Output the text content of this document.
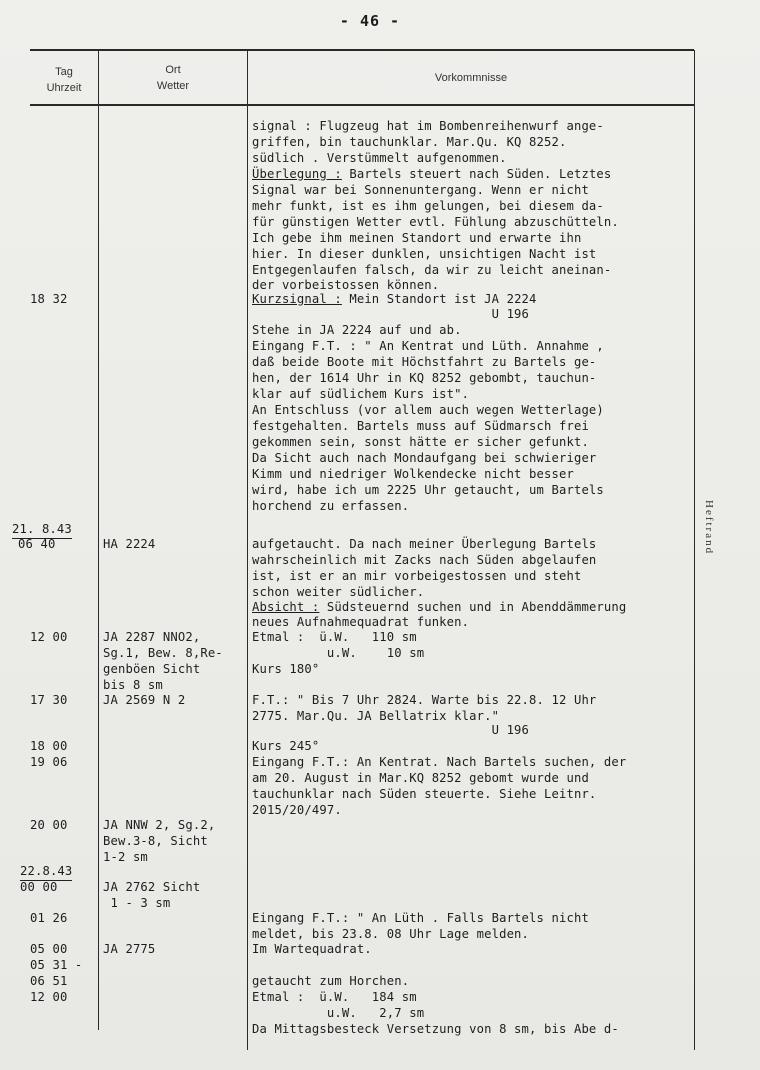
- 46 -
Tag
Uhrzeit
Ort
Wetter
Vorkommnisse
Heftrand
18 32
21. 8.43
06 40
12 00
17 30
18 00
19 06
20 00
22.8.43
00 00
01 26
05 00
05 31 -
06 51
12 00
HA 2224
JA 2287 NNO2,
Sg.1, Bew. 8,Re-
genböen Sicht
bis 8 sm
JA 2569 N 2
JA NNW 2, Sg.2,
Bew.3-8, Sicht
1-2 sm
JA 2762 Sicht
1 - 3 sm
JA 2775
signal : Flugzeug hat im Bombenreihenwurf ange-
griffen, bin tauchunklar. Mar.Qu. KQ 8252.
südlich . Verstümmelt aufgenommen.
Überlegung : Bartels steuert nach Süden. Letztes
Signal war bei Sonnenuntergang. Wenn er nicht
mehr funkt, ist es ihm gelungen, bei diesem da-
für günstigen Wetter evtl. Fühlung abzuschütteln.
Ich gebe ihm meinen Standort und erwarte ihn
hier. In dieser dunklen, unsichtigen Nacht ist
Entgegenlaufen falsch, da wir zu leicht aneinan-
der vorbeistossen können.
Kurzsignal : Mein Standort ist JA 2224
U 196
Stehe in JA 2224 auf und ab.
Eingang F.T. : " An Kentrat und Lüth. Annahme ,
daß beide Boote mit Höchstfahrt zu Bartels ge-
hen, der 1614 Uhr in KQ 8252 gebombt, tauchun-
klar auf südlichem Kurs ist".
An Entschluss (vor allem auch wegen Wetterlage)
festgehalten. Bartels muss auf Südmarsch frei
gekommen sein, sonst hätte er sicher gefunkt.
Da Sicht auch nach Mondaufgang bei schwieriger
Kimm und niedriger Wolkendecke nicht besser
wird, habe ich um 2225 Uhr getaucht, um Bartels
horchend zu erfassen.
aufgetaucht. Da nach meiner Überlegung Bartels
wahrscheinlich mit Zacks nach Süden abgelaufen
ist, ist er an mir vorbeigestossen und steht
schon weiter südlicher.
Absicht : Südsteuernd suchen und in Abenddämmerung
neues Aufnahmequadrat funken.
Etmal :  ü.W.   110 sm
u.W.    10 sm
Kurs 180°
F.T.: " Bis 7 Uhr 2824. Warte bis 22.8. 12 Uhr
2775. Mar.Qu. JA Bellatrix klar."
U 196
Kurs 245°
Eingang F.T.: An Kentrat. Nach Bartels suchen, der
am 20. August in Mar.KQ 8252 gebomt wurde und
tauchunklar nach Süden steuerte. Siehe Leitnr.
2015/20/497.
Eingang F.T.: " An Lüth . Falls Bartels nicht
meldet, bis 23.8. 08 Uhr Lage melden.
Im Wartequadrat.
getaucht zum Horchen.
Etmal :  ü.W.   184 sm
u.W.   2,7 sm
Da Mittagsbesteck Versetzung von 8 sm, bis Abe d-
